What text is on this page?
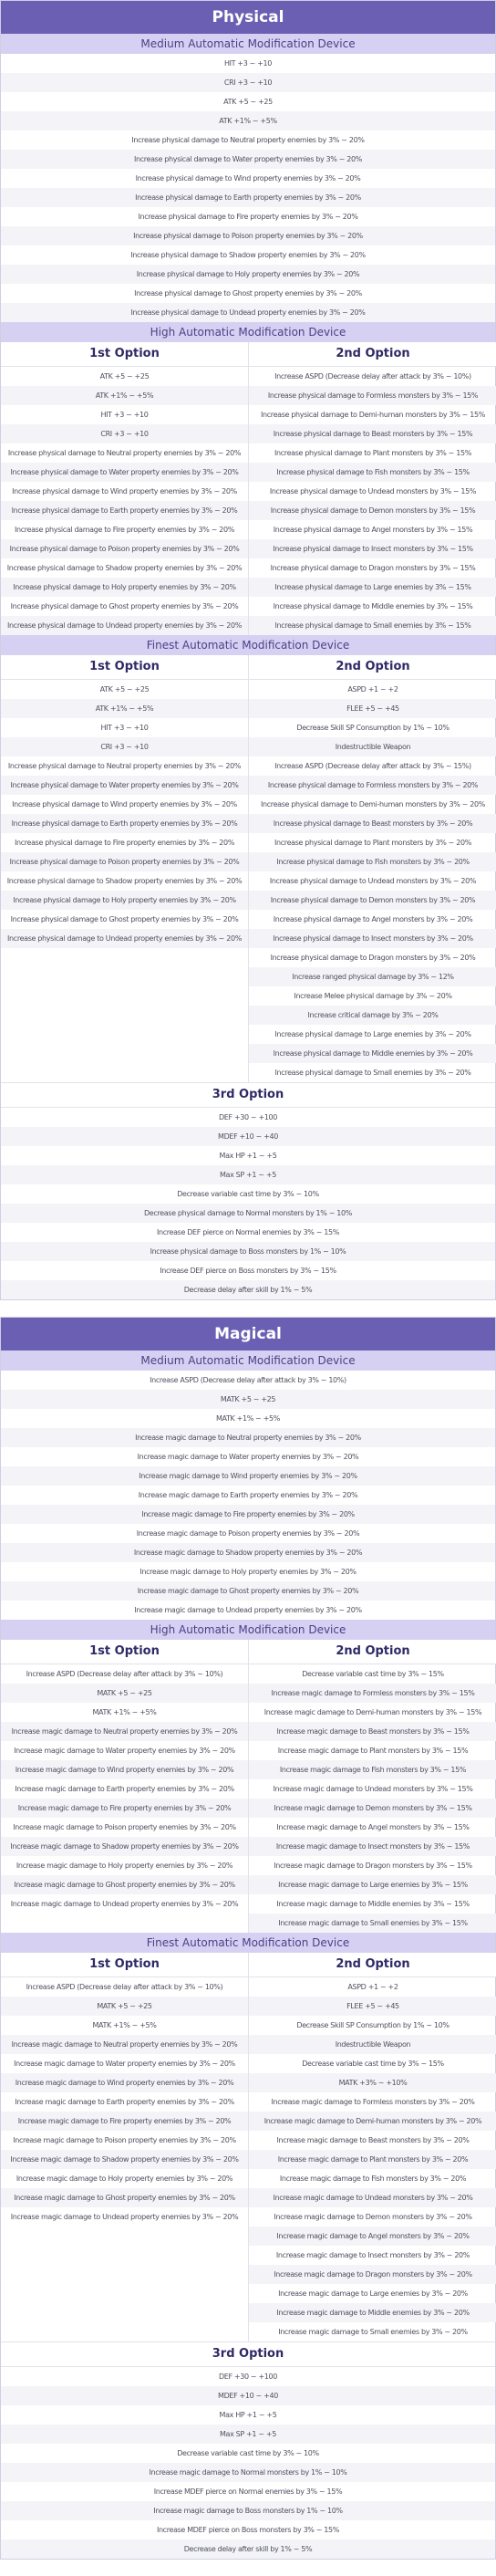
Physical
Medium Automatic Modification Device
HIT +3 ~ +10
CRI +3 ~ +10
ATK +5 ~ +25
ATK +1% ~ +5%
Increase physical damage to Neutral property enemies by 3% ~ 20%
Increase physical damage to Water property enemies by 3% ~ 20%
Increase physical damage to Wind property enemies by 3% ~ 20%
Increase physical damage to Earth property enemies by 3% ~ 20%
Increase physical damage to Fire property enemies by 3% ~ 20%
Increase physical damage to Poison property enemies by 3% ~ 20%
Increase physical damage to Shadow property enemies by 3% ~ 20%
Increase physical damage to Holy property enemies by 3% ~ 20%
Increase physical damage to Ghost property enemies by 3% ~ 20%
Increase physical damage to Undead property enemies by 3% ~ 20%
High Automatic Modification Device
1st Option
ATK +5 ~ +25
ATK +1% ~ +5%
HIT +3 ~ +10
CRI +3 ~ +10
Increase physical damage to Neutral property enemies by 3% ~ 20%
Increase physical damage to Water property enemies by 3% ~ 20%
Increase physical damage to Wind property enemies by 3% ~ 20%
Increase physical damage to Earth property enemies by 3% ~ 20%
Increase physical damage to Fire property enemies by 3% ~ 20%
Increase physical damage to Poison property enemies by 3% ~ 20%
Increase physical damage to Shadow property enemies by 3% ~ 20%
Increase physical damage to Holy property enemies by 3% ~ 20%
Increase physical damage to Ghost property enemies by 3% ~ 20%
Increase physical damage to Undead property enemies by 3% ~ 20%
2nd Option
Increase ASPD (Decrease delay after attack by 3% ~ 10%)
Increase physical damage to Formless monsters by 3% ~ 15%
Increase physical damage to Demi-human monsters by 3% ~ 15%
Increase physical damage to Beast monsters by 3% ~ 15%
Increase physical damage to Plant monsters by 3% ~ 15%
Increase physical damage to Fish monsters by 3% ~ 15%
Increase physical damage to Undead monsters by 3% ~ 15%
Increase physical damage to Demon monsters by 3% ~ 15%
Increase physical damage to Angel monsters by 3% ~ 15%
Increase physical damage to Insect monsters by 3% ~ 15%
Increase physical damage to Dragon monsters by 3% ~ 15%
Increase physical damage to Large enemies by 3% ~ 15%
Increase physical damage to Middle enemies by 3% ~ 15%
Increase physical damage to Small enemies by 3% ~ 15%
Finest Automatic Modification Device
1st Option
ATK +5 ~ +25
ATK +1% ~ +5%
HIT +3 ~ +10
CRI +3 ~ +10
Increase physical damage to Neutral property enemies by 3% ~ 20%
Increase physical damage to Water property enemies by 3% ~ 20%
Increase physical damage to Wind property enemies by 3% ~ 20%
Increase physical damage to Earth property enemies by 3% ~ 20%
Increase physical damage to Fire property enemies by 3% ~ 20%
Increase physical damage to Poison property enemies by 3% ~ 20%
Increase physical damage to Shadow property enemies by 3% ~ 20%
Increase physical damage to Holy property enemies by 3% ~ 20%
Increase physical damage to Ghost property enemies by 3% ~ 20%
Increase physical damage to Undead property enemies by 3% ~ 20%
2nd Option
ASPD +1 ~ +2
FLEE +5 ~ +45
Decrease Skill SP Consumption by 1% ~ 10%
Indestructible Weapon
Increase ASPD (Decrease delay after attack by 3% ~ 15%)
Increase physical damage to Formless monsters by 3% ~ 20%
Increase physical damage to Demi-human monsters by 3% ~ 20%
Increase physical damage to Beast monsters by 3% ~ 20%
Increase physical damage to Plant monsters by 3% ~ 20%
Increase physical damage to Fish monsters by 3% ~ 20%
Increase physical damage to Undead monsters by 3% ~ 20%
Increase physical damage to Demon monsters by 3% ~ 20%
Increase physical damage to Angel monsters by 3% ~ 20%
Increase physical damage to Insect monsters by 3% ~ 20%
Increase physical damage to Dragon monsters by 3% ~ 20%
Increase ranged physical damage by 3% ~ 12%
Increase Melee physical damage by 3% ~ 20%
Increase critical damage by 3% ~ 20%
Increase physical damage to Large enemies by 3% ~ 20%
Increase physical damage to Middle enemies by 3% ~ 20%
Increase physical damage to Small enemies by 3% ~ 20%
3rd Option
DEF +30 ~ +100
MDEF +10 ~ +40
Max HP +1 ~ +5
Max SP +1 ~ +5
Decrease variable cast time by 3% ~ 10%
Decrease physical damage to Normal monsters by 1% ~ 10%
Increase DEF pierce on Normal enemies by 3% ~ 15%
Increase physical damage to Boss monsters by 1% ~ 10%
Increase DEF pierce on Boss monsters by 3% ~ 15%
Decrease delay after skill by 1% ~ 5%
Magical
Medium Automatic Modification Device
Increase ASPD (Decrease delay after attack by 3% ~ 10%)
MATK +5 ~ +25
MATK +1% ~ +5%
Increase magic damage to Neutral property enemies by 3% ~ 20%
Increase magic damage to Water property enemies by 3% ~ 20%
Increase magic damage to Wind property enemies by 3% ~ 20%
Increase magic damage to Earth property enemies by 3% ~ 20%
Increase magic damage to Fire property enemies by 3% ~ 20%
Increase magic damage to Poison property enemies by 3% ~ 20%
Increase magic damage to Shadow property enemies by 3% ~ 20%
Increase magic damage to Holy property enemies by 3% ~ 20%
Increase magic damage to Ghost property enemies by 3% ~ 20%
Increase magic damage to Undead property enemies by 3% ~ 20%
High Automatic Modification Device
1st Option
Increase ASPD (Decrease delay after attack by 3% ~ 10%)
MATK +5 ~ +25
MATK +1% ~ +5%
Increase magic damage to Neutral property enemies by 3% ~ 20%
Increase magic damage to Water property enemies by 3% ~ 20%
Increase magic damage to Wind property enemies by 3% ~ 20%
Increase magic damage to Earth property enemies by 3% ~ 20%
Increase magic damage to Fire property enemies by 3% ~ 20%
Increase magic damage to Poison property enemies by 3% ~ 20%
Increase magic damage to Shadow property enemies by 3% ~ 20%
Increase magic damage to Holy property enemies by 3% ~ 20%
Increase magic damage to Ghost property enemies by 3% ~ 20%
Increase magic damage to Undead property enemies by 3% ~ 20%
2nd Option
Decrease variable cast time by 3% ~ 15%
Increase magic damage to Formless monsters by 3% ~ 15%
Increase magic damage to Demi-human monsters by 3% ~ 15%
Increase magic damage to Beast monsters by 3% ~ 15%
Increase magic damage to Plant monsters by 3% ~ 15%
Increase magic damage to Fish monsters by 3% ~ 15%
Increase magic damage to Undead monsters by 3% ~ 15%
Increase magic damage to Demon monsters by 3% ~ 15%
Increase magic damage to Angel monsters by 3% ~ 15%
Increase magic damage to Insect monsters by 3% ~ 15%
Increase magic damage to Dragon monsters by 3% ~ 15%
Increase magic damage to Large enemies by 3% ~ 15%
Increase magic damage to Middle enemies by 3% ~ 15%
Increase magic damage to Small enemies by 3% ~ 15%
Finest Automatic Modification Device
1st Option
Increase ASPD (Decrease delay after attack by 3% ~ 10%)
MATK +5 ~ +25
MATK +1% ~ +5%
Increase magic damage to Neutral property enemies by 3% ~ 20%
Increase magic damage to Water property enemies by 3% ~ 20%
Increase magic damage to Wind property enemies by 3% ~ 20%
Increase magic damage to Earth property enemies by 3% ~ 20%
Increase magic damage to Fire property enemies by 3% ~ 20%
Increase magic damage to Poison property enemies by 3% ~ 20%
Increase magic damage to Shadow property enemies by 3% ~ 20%
Increase magic damage to Holy property enemies by 3% ~ 20%
Increase magic damage to Ghost property enemies by 3% ~ 20%
Increase magic damage to Undead property enemies by 3% ~ 20%
2nd Option
ASPD +1 ~ +2
FLEE +5 ~ +45
Decrease Skill SP Consumption by 1% ~ 10%
Indestructible Weapon
Decrease variable cast time by 3% ~ 15%
MATK +3% ~ +10%
Increase magic damage to Formless monsters by 3% ~ 20%
Increase magic damage to Demi-human monsters by 3% ~ 20%
Increase magic damage to Beast monsters by 3% ~ 20%
Increase magic damage to Plant monsters by 3% ~ 20%
Increase magic damage to Fish monsters by 3% ~ 20%
Increase magic damage to Undead monsters by 3% ~ 20%
Increase magic damage to Demon monsters by 3% ~ 20%
Increase magic damage to Angel monsters by 3% ~ 20%
Increase magic damage to Insect monsters by 3% ~ 20%
Increase magic damage to Dragon monsters by 3% ~ 20%
Increase magic damage to Large enemies by 3% ~ 20%
Increase magic damage to Middle enemies by 3% ~ 20%
Increase magic damage to Small enemies by 3% ~ 20%
3rd Option
DEF +30 ~ +100
MDEF +10 ~ +40
Max HP +1 ~ +5
Max SP +1 ~ +5
Decrease variable cast time by 3% ~ 10%
Increase magic damage to Normal monsters by 1% ~ 10%
Increase MDEF pierce on Normal enemies by 3% ~ 15%
Increase magic damage to Boss monsters by 1% ~ 10%
Increase MDEF pierce on Boss monsters by 3% ~ 15%
Decrease delay after skill by 1% ~ 5%
